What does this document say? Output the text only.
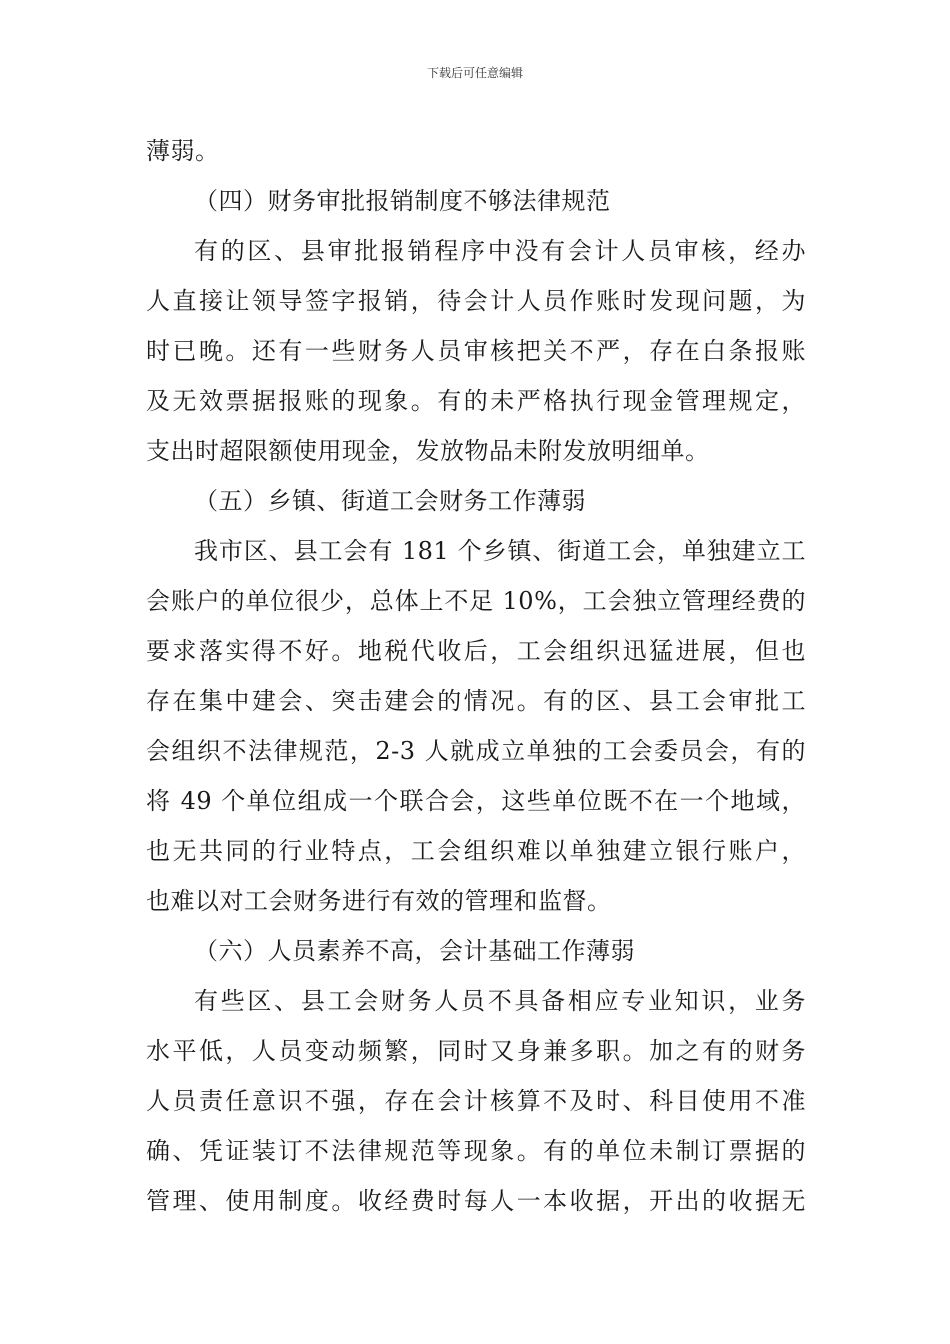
下载后可任意编辑
薄弱。
（四）财务审批报销制度不够法律规范
有的区、县审批报销程序中没有会计人员审核，经办
人直接让领导签字报销，待会计人员作账时发现问题，为
时已晚。还有一些财务人员审核把关不严，存在白条报账
及无效票据报账的现象。有的未严格执行现金管理规定，
支出时超限额使用现金，发放物品未附发放明细单。
（五）乡镇、街道工会财务工作薄弱
我市区、县工会有 181 个乡镇、街道工会，单独建立工
会账户的单位很少，总体上不足 10%，工会独立管理经费的
要求落实得不好。地税代收后，工会组织迅猛进展，但也
存在集中建会、突击建会的情况。有的区、县工会审批工
会组织不法律规范，2-3 人就成立单独的工会委员会，有的
将 49 个单位组成一个联合会，这些单位既不在一个地域，
也无共同的行业特点，工会组织难以单独建立银行账户，
也难以对工会财务进行有效的管理和监督。
（六）人员素养不高，会计基础工作薄弱
有些区、县工会财务人员不具备相应专业知识，业务
水平低，人员变动频繁，同时又身兼多职。加之有的财务
人员责任意识不强，存在会计核算不及时、科目使用不准
确、凭证装订不法律规范等现象。有的单位未制订票据的
管理、使用制度。收经费时每人一本收据，开出的收据无
